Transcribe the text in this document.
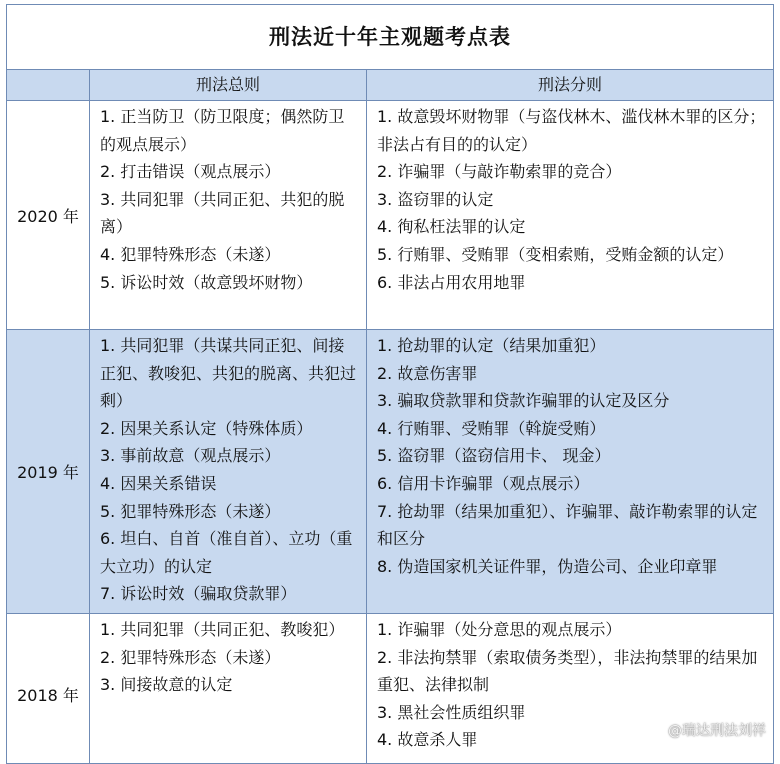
刑法近十年主观题考点表
刑法总则	刑法分则
2020 年
1. 正当防卫（防卫限度；偶然防卫的观点展示）
2. 打击错误（观点展示）
3. 共同犯罪（共同正犯、共犯的脱离）
4. 犯罪特殊形态（未遂）
5. 诉讼时效（故意毁坏财物）
1. 故意毁坏财物罪（与盗伐林木、滥伐林木罪的区分；非法占有目的的认定）
2. 诈骗罪（与敲诈勒索罪的竞合）
3. 盗窃罪的认定
4. 徇私枉法罪的认定
5. 行贿罪、受贿罪（变相索贿，受贿金额的认定）
6. 非法占用农用地罪
2019 年
1. 共同犯罪（共谋共同正犯、间接正犯、教唆犯、共犯的脱离、共犯过剩）
2. 因果关系认定（特殊体质）
3. 事前故意（观点展示）
4. 因果关系错误
5. 犯罪特殊形态（未遂）
6. 坦白、自首（准自首）、立功（重大立功）的认定
7. 诉讼时效（骗取贷款罪）
1. 抢劫罪的认定（结果加重犯）
2. 故意伤害罪
3. 骗取贷款罪和贷款诈骗罪的认定及区分
4. 行贿罪、受贿罪（斡旋受贿）
5. 盗窃罪（盗窃信用卡、 现金）
6. 信用卡诈骗罪（观点展示）
7. 抢劫罪（结果加重犯）、诈骗罪、敲诈勒索罪的认定和区分
8. 伪造国家机关证件罪，伪造公司、企业印章罪
2018 年
1. 共同犯罪（共同正犯、教唆犯）
2. 犯罪特殊形态（未遂）
3. 间接故意的认定
1. 诈骗罪（处分意思的观点展示）
2. 非法拘禁罪（索取债务类型），非法拘禁罪的结果加重犯、法律拟制
3. 黑社会性质组织罪
4. 故意杀人罪	@瑞达刑法刘祥
